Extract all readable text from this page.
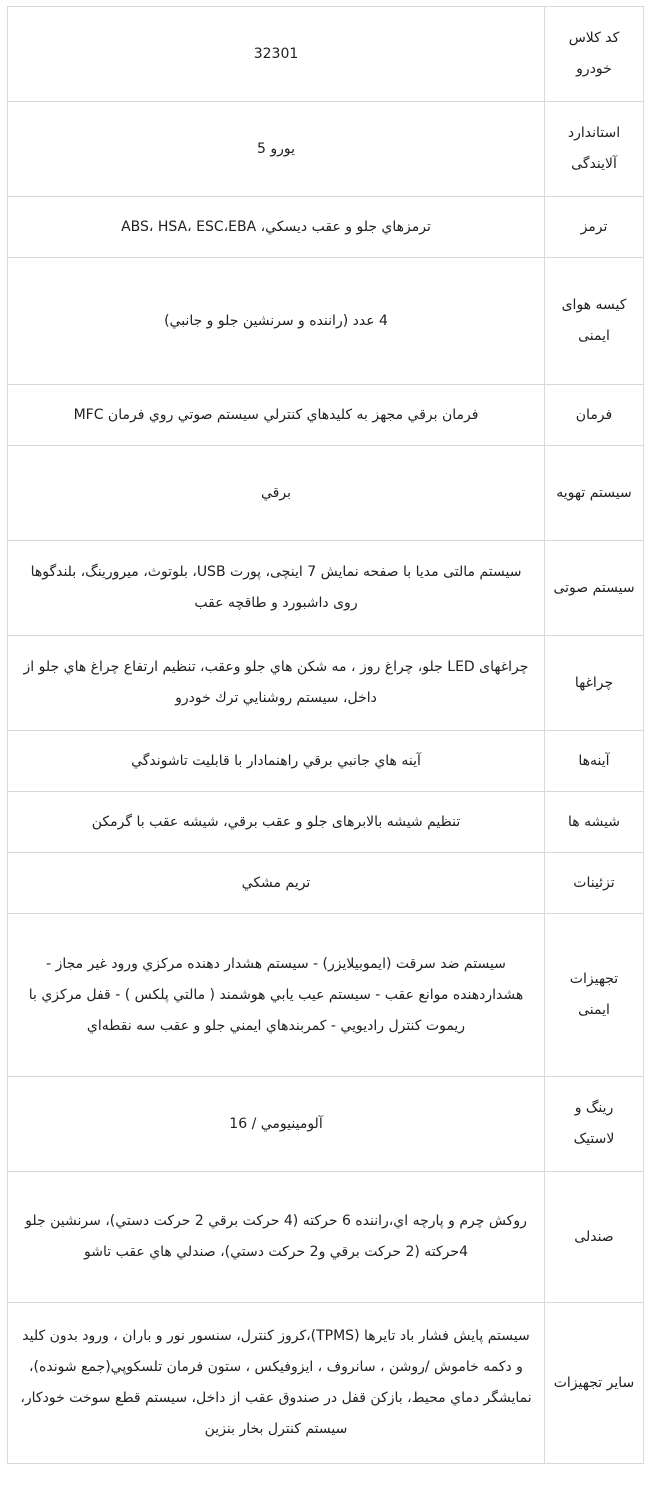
کد کلاس خودرو	32301
استاندارد آلایندگی	يورو 5
ترمز	ترمزهاي جلو و عقب ديسكي، ABS، HSA، ESC،EBA
کیسه هوای ایمنی	4 عدد (راننده و سرنشين جلو و جانبي)
فرمان	فرمان برقي مجهز به كليدهاي كنترلي سيستم صوتي روي فرمان MFC
سیستم تهویه	برقي
سیستم صوتی	سیستم مالتی مدیا با صفحه نمایش 7 اینچی، پورت USB، بلوتوث، میرورینگ، بلندگوها روی داشبورد و طاقچه عقب
چراغها	چراغهای LED جلو، چراغ روز ، مه شكن هاي جلو وعقب، تنظيم ارتفاع چراغ هاي جلو از داخل، سيستم روشنايي ترك خودرو
آینه‌ها	آينه هاي جانبي برقي راهنمادار با قابليت تاشوندگي
شیشه ها	تنظیم شیشه بالابرهای جلو و عقب برقي، شيشه عقب با گرمكن
تزئینات	تريم مشكي
تجهیزات ایمنی	سيستم ضد سرقت (ايموبيلايزر) - سيستم هشدار دهنده مركزي ورود غير مجاز - هشداردهنده موانع عقب - سيستم عيب يابي هوشمند ( مالتي پلكس ) - قفل مركزي با ريموت كنترل راديويي - كمربندهاي ايمني جلو و عقب سه نقطه‌اي
رینگ و لاستیک	آلومينيومي / 16
صندلی	روكش چرم و پارچه اي،راننده 6 حركته (4 حركت برقي 2 حركت دستي)، سرنشين جلو 4حركته (2 حركت برقي و2 حركت دستي)، صندلي هاي عقب تاشو
سایر تجهیزات	سيستم پايش فشار باد تايرها (TPMS)،كروز كنترل، سنسور نور و باران ، ورود بدون كليد و دكمه خاموش /روشن ، سانروف ، ايزوفيكس ، ستون فرمان تلسكوپي(جمع شونده)، نمايشگر دماي محيط، بازكن قفل در صندوق عقب از داخل، سيستم قطع سوخت خودكار، سيستم كنترل بخار بنزين
